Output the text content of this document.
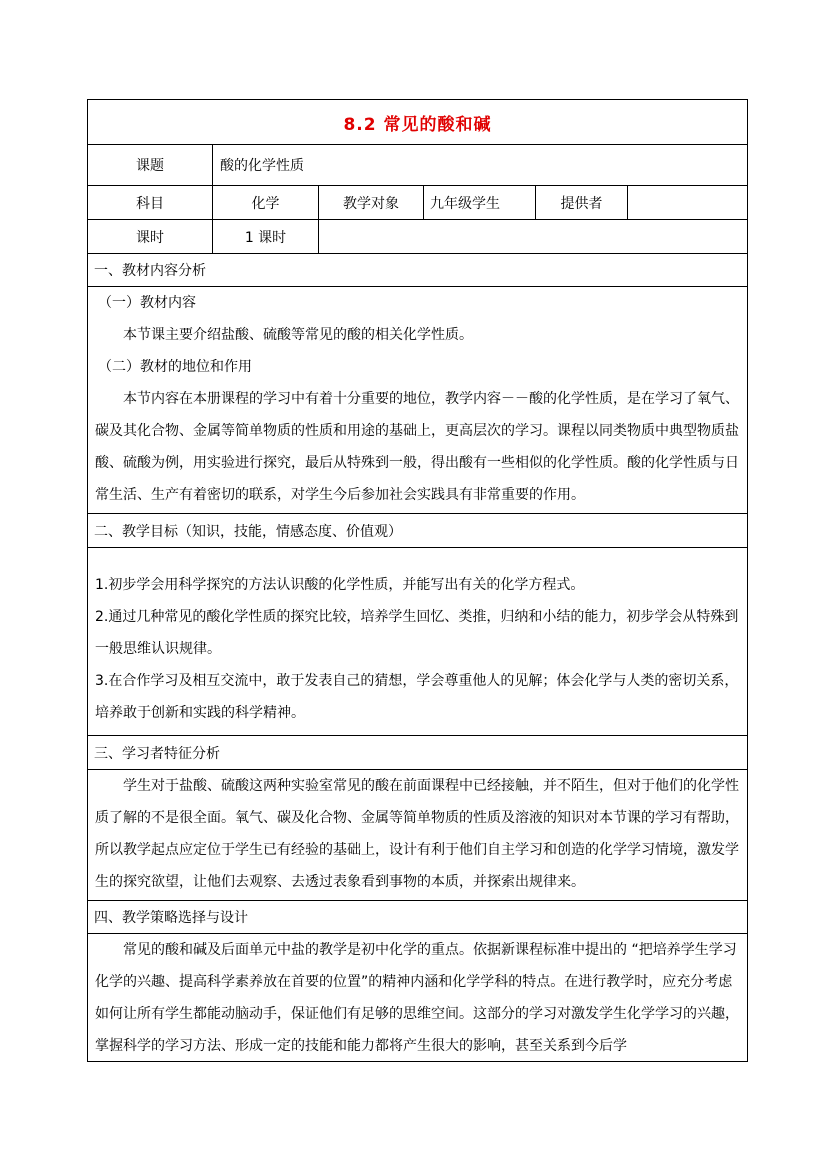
8.2 常见的酸和碱
课题	酸的化学性质
科目	化学	教学对象	九年级学生	提供者
课时	1 课时
一、教材内容分析

（一）教材内容

本节课主要介绍盐酸、硫酸等常见的酸的相关化学性质。

（二）教材的地位和作用

本节内容在本册课程的学习中有着十分重要的地位，教学内容－－酸的化学性质，是在学习了氧气、碳及其化合物、金属等简单物质的性质和用途的基础上，更高层次的学习。课程以同类物质中典型物质盐酸、硫酸为例，用实验进行探究，最后从特殊到一般，得出酸有一些相似的化学性质。酸的化学性质与日常生活、生产有着密切的联系，对学生今后参加社会实践具有非常重要的作用。

二、教学目标（知识，技能，情感态度、价值观）

1.初步学会用科学探究的方法认识酸的化学性质，并能写出有关的化学方程式。

2.通过几种常见的酸化学性质的探究比较，培养学生回忆、类推，归纳和小结的能力，初步学会从特殊到一般思维认识规律。

3.在合作学习及相互交流中，敢于发表自己的猜想，学会尊重他人的见解；体会化学与人类的密切关系，培养敢于创新和实践的科学精神。

三、学习者特征分析

学生对于盐酸、硫酸这两种实验室常见的酸在前面课程中已经接触，并不陌生，但对于他们的化学性质了解的不是很全面。氧气、碳及化合物、金属等简单物质的性质及溶液的知识对本节课的学习有帮助，所以教学起点应定位于学生已有经验的基础上，设计有利于他们自主学习和创造的化学学习情境，激发学生的探究欲望，让他们去观察、去透过表象看到事物的本质，并探索出规律来。

四、教学策略选择与设计

常见的酸和碱及后面单元中盐的教学是初中化学的重点。依据新课程标准中提出的 “把培养学生学习化学的兴趣、提高科学素养放在首要的位置”的精神内涵和化学学科的特点。在进行教学时，应充分考虑如何让所有学生都能动脑动手，保证他们有足够的思维空间。这部分的学习对激发学生化学学习的兴趣，掌握科学的学习方法、形成一定的技能和能力都将产生很大的影响，甚至关系到今后学
